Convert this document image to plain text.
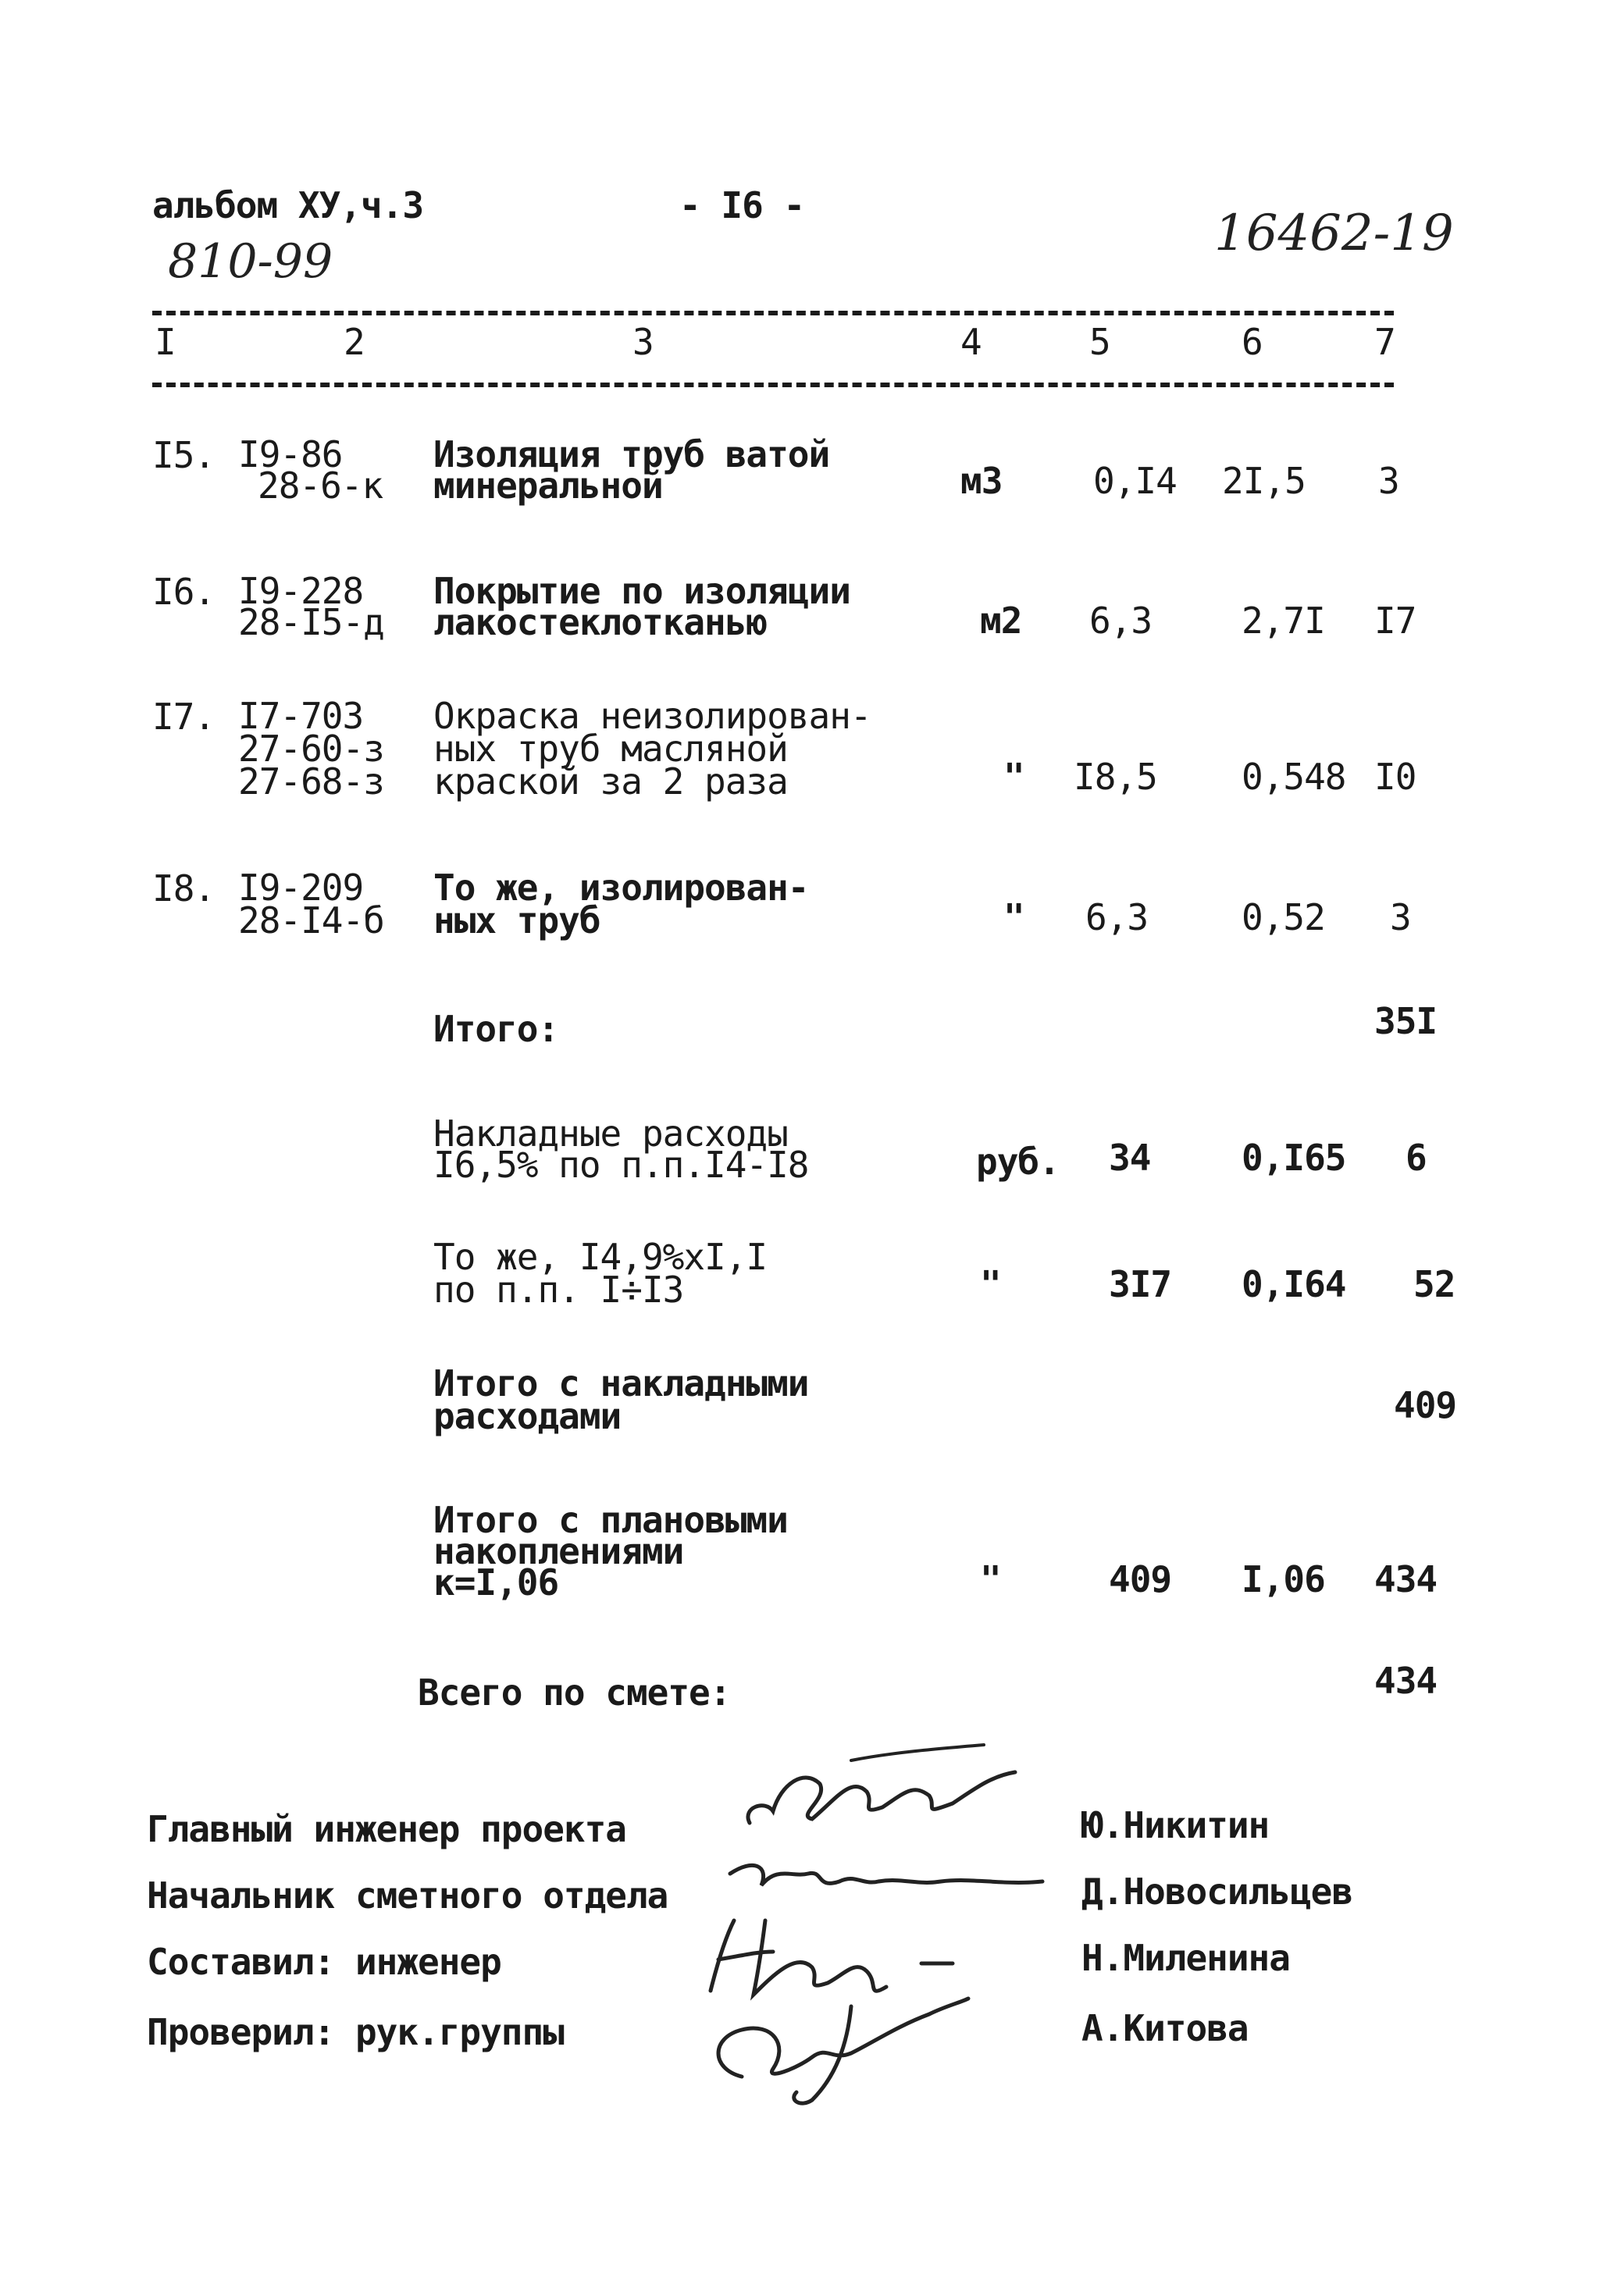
альбом XУ,ч.3
810-99
- I6 -	16462-19
I	2	3	4	5	6	7
I5. I9-86
28-6-к
Изоляция труб ватой
минеральной	м3	0,I4 2I,5 3
I6. I9-228
28-I5-д
Покрытие по изоляции
лакостеклотканью	м2 6,3 2,7I I7
I7. I7-703
27-60-з
27-68-з
Окраска неизолирован-
ных труб масляной
краской за 2 раза	" I8,5 0,548 I0
I8. I9-209
28-I4-б
То же, изолирован-
ных труб	" 6,3	0,52 3
Итого:	35I
Накладные расходы
I6,5% по п.п.I4-I8	руб. 34	0,I65 6
То же, I4,9%хI,I
по п.п. I÷I3	"	3I7 0,I64 52
Итого с накладными
расходами	409
Итого с плановыми
накоплениями
к=I,06	"	409 I,06 434
Всего по смете:	434
Главный инженер проекта	Ю.Никитин
Начальник сметного отдела	Д.Новосильцев
Составил: инженер	Н.Миленина
Проверил: рук.группы	А.Китова
